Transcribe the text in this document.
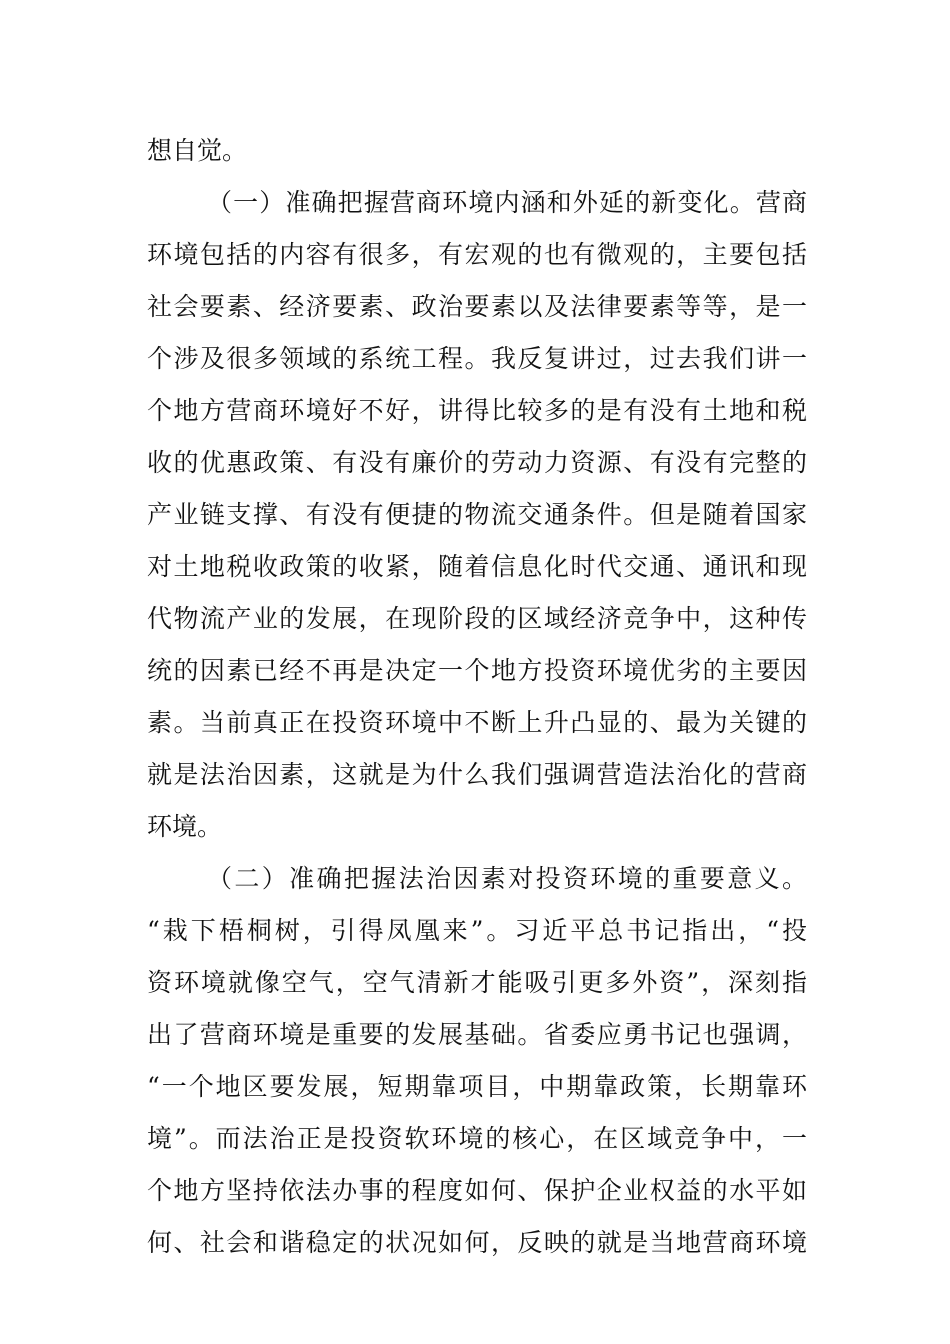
想自觉。
（一）准确把握营商环境内涵和外延的新变化。营商
环境包括的内容有很多，有宏观的也有微观的，主要包括
社会要素、经济要素、政治要素以及法律要素等等，是一
个涉及很多领域的系统工程。我反复讲过，过去我们讲一
个地方营商环境好不好，讲得比较多的是有没有土地和税
收的优惠政策、有没有廉价的劳动力资源、有没有完整的
产业链支撑、有没有便捷的物流交通条件。但是随着国家
对土地税收政策的收紧，随着信息化时代交通、通讯和现
代物流产业的发展，在现阶段的区域经济竞争中，这种传
统的因素已经不再是决定一个地方投资环境优劣的主要因
素。当前真正在投资环境中不断上升凸显的、最为关键的
就是法治因素，这就是为什么我们强调营造法治化的营商
环境。
（二）准确把握法治因素对投资环境的重要意义。
“栽下梧桐树，引得凤凰来”。习近平总书记指出，“投
资环境就像空气，空气清新才能吸引更多外资”，深刻指
出了营商环境是重要的发展基础。省委应勇书记也强调，
“一个地区要发展，短期靠项目，中期靠政策，长期靠环
境”。而法治正是投资软环境的核心，在区域竞争中，一
个地方坚持依法办事的程度如何、保护企业权益的水平如
何、社会和谐稳定的状况如何，反映的就是当地营商环境
